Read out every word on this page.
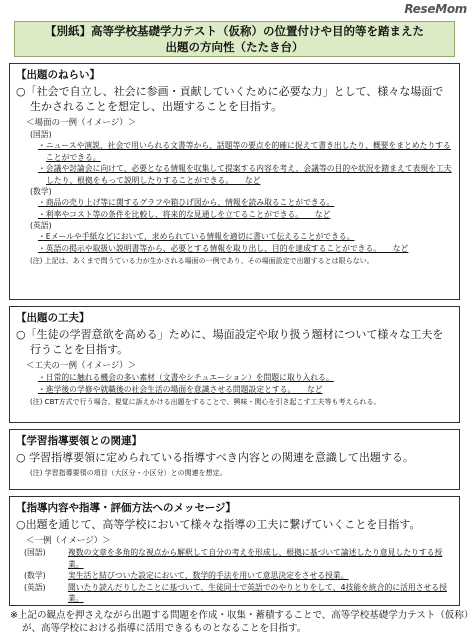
ReseMom
【別紙】高等学校基礎学力テスト（仮称）の位置付けや目的等を踏まえた
出題の方向性（たたき台）
【出題のねらい】
○「社会で自立し、社会に参画・貢献していくために必要な力」として、様々な場面で生かされることを想定し、出題することを目指す。
＜場面の一例（イメージ）＞
(国語)
・ニュースや演説、社会で用いられる文書等から、話題等の要点を的確に捉えて書き出したり、概要をまとめたりすることができる。
・会議や討論会に向けて、必要となる情報を収集して提案する内容を考え、会議等の目的や状況を踏まえて表現を工夫したり、根拠をもって説明したりすることができる。　　など
(数学)
・商品の売り上げ等に関するグラフや箱ひげ図から、情報を読み取ることができる。
・利率やコスト等の条件を比較し、将来的な見通しを立てることができる。　　など
(英語)
・Eメールや手紙などにおいて、求められている情報を適切に書いて伝えることができる。
・英語の掲示や取扱い説明書等から、必要とする情報を取り出し、目的を達成することができる。　　など
(注) 上記は、あくまで問うている力が生かされる場面の一例であり、その場面設定で出題するとは限らない。
【出題の工夫】
○「生徒の学習意欲を高める」ために、場面設定や取り扱う題材について様々な工夫を行うことを目指す。
＜工夫の一例（イメージ）＞
・日常的に触れる機会の多い素材（文書やシチュエーション）を問題に取り入れる。
・進学後の学修や就職後の社会生活の場面を意識させる問題設定とする。　　など
(注) CBT方式で行う場合、視覚に訴えかける出題をすることで、興味・関心を引き起こす工夫等も考えられる。
【学習指導要領との関連】
○ 学習指導要領に定められている指導すべき内容との関連を意識して出題する。
(注) 学習指導要領の項目（大区分・小区分）との関連を想定。
【指導内容や指導・評価方法へのメッセージ】
○出題を通じて、高等学校において様々な指導の工夫に繋げていくことを目指す。
＜一例（イメージ）＞
(国語)	複数の文章を多角的な視点から解釈して自分の考えを形成し、根拠に基づいて論述したり意見したりする授業。
(数学)	実生活と結びついた設定において、数学的手法を用いて意思決定をさせる授業。
(英語)	聞いたり読んだりしたことに基づいて、生徒同士で英語でのやりとりをして、4技能を統合的に活用させる授業。
※上記の観点を押さえながら出題する問題を作成・収集・蓄積することで、高等学校基礎学力テスト（仮称）が、高等学校における指導に活用できるものとなることを目指す。
